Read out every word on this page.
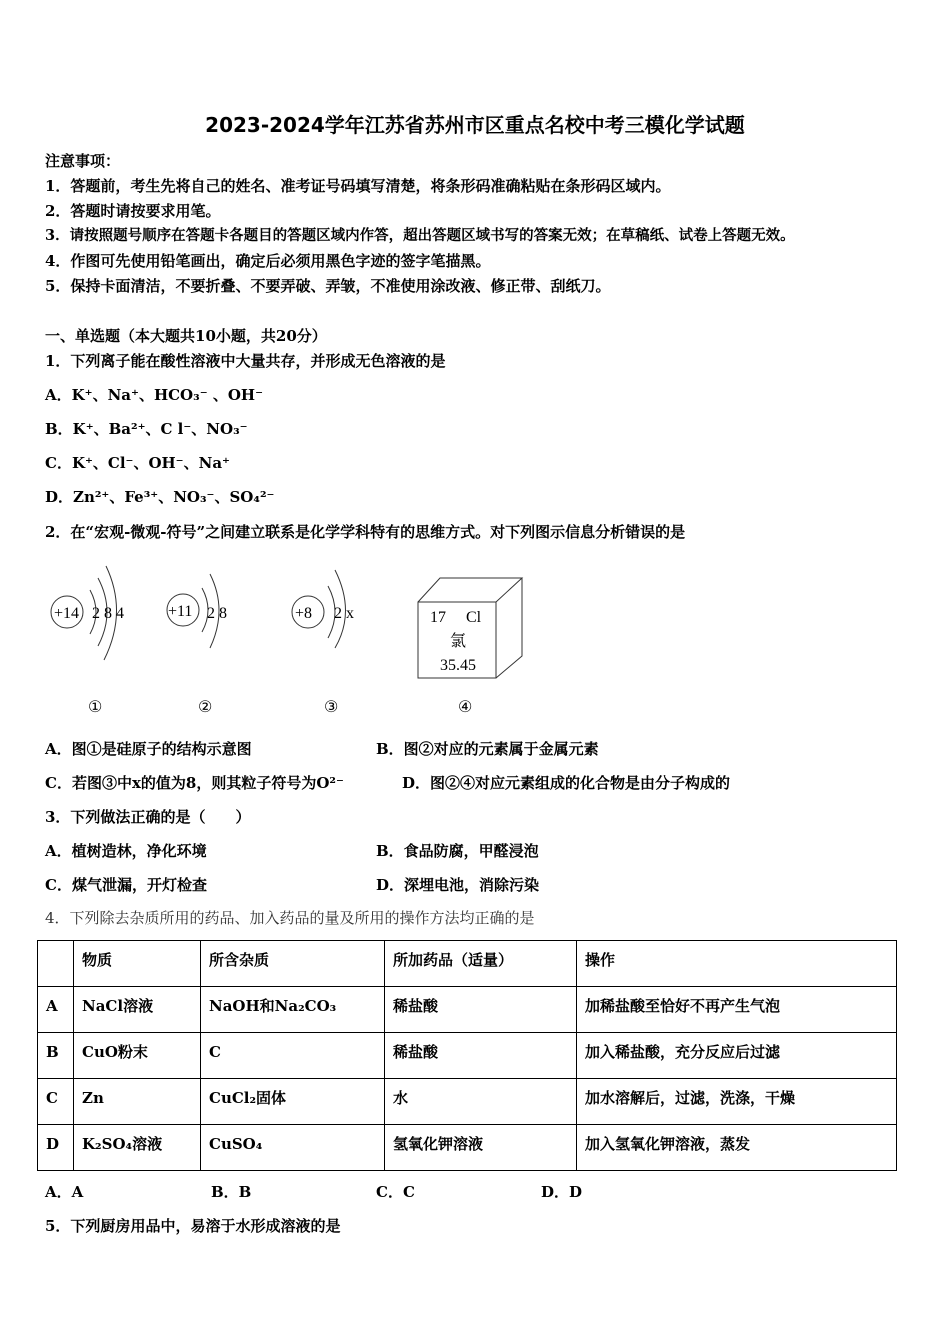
2023-2024学年江苏省苏州市区重点名校中考三模化学试题
注意事项：
1．答题前，考生先将自己的姓名、准考证号码填写清楚，将条形码准确粘贴在条形码区域内。
2．答题时请按要求用笔。
3．请按照题号顺序在答题卡各题目的答题区域内作答，超出答题区域书写的答案无效；在草稿纸、试卷上答题无效。
4．作图可先使用铅笔画出，确定后必须用黑色字迹的签字笔描黑。
5．保持卡面清洁，不要折叠、不要弄破、弄皱，不准使用涂改液、修正带、刮纸刀。
一、单选题（本大题共10小题，共20分）
1．下列离子能在酸性溶液中大量共存，并形成无色溶液的是
A．K⁺、Na⁺、HCO₃⁻ 、OH⁻
B．K⁺、Ba²⁺、C l⁻、NO₃⁻
C．K⁺、Cl⁻、OH⁻、Na⁺
D．Zn²⁺、Fe³⁺、NO₃⁻、SO₄²⁻
2．在“宏观-微观-符号”之间建立联系是化学学科特有的思维方式。对下列图示信息分析错误的是
+14 2 8 4	+11 2 8	+8 2 x	17 Cl
氯
35.45
①	②	③	④
A．图①是硅原子的结构示意图	B．图②对应的元素属于金属元素
C．若图③中x的值为8，则其粒子符号为O²⁻	D．图②④对应元素组成的化合物是由分子构成的
3．下列做法正确的是（　　）
A．植树造林，净化环境	B．食品防腐，甲醛浸泡
C．煤气泄漏，开灯检查	D．深埋电池，消除污染
4．下列除去杂质所用的药品、加入药品的量及所用的操作方法均正确的是
	物质	所含杂质	所加药品（适量）	操作
A	NaCl溶液	NaOH和Na₂CO₃	稀盐酸	加稀盐酸至恰好不再产生气泡
B	CuO粉末	C	稀盐酸	加入稀盐酸，充分反应后过滤
C	Zn	CuCl₂固体	水	加水溶解后，过滤，洗涤，干燥
D	K₂SO₄溶液	CuSO₄	氢氧化钾溶液	加入氢氧化钾溶液，蒸发
A．A	B．B	C．C	D．D
5．下列厨房用品中，易溶于水形成溶液的是
